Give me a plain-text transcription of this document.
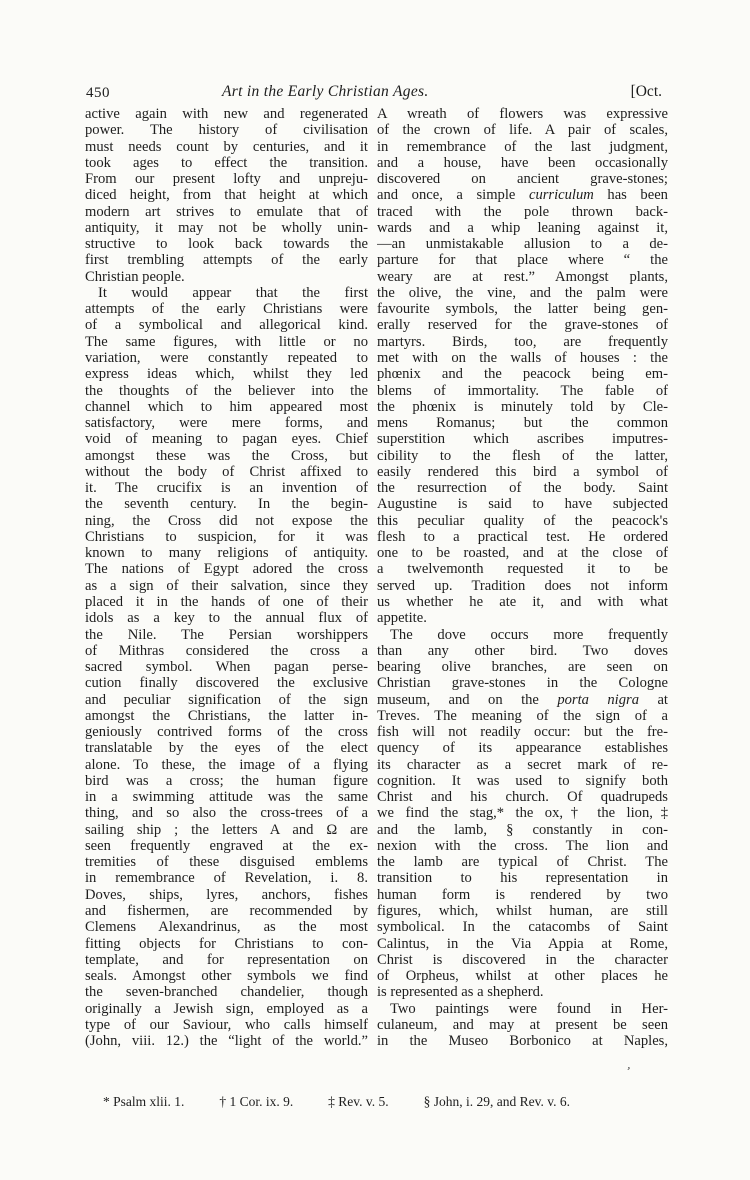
450	Art in the Early Christian Ages.	[Oct.
active again with new and regenerated
power. The history of civilisation
must needs count by centuries, and it
took ages to effect the transition.
From our present lofty and unpreju-
diced height, from that height at which
modern art strives to emulate that of
antiquity, it may not be wholly unin-
structive to look back towards the
first trembling attempts of the early
Christian people.
It would appear that the first
attempts of the early Christians were
of a symbolical and allegorical kind.
The same figures, with little or no
variation, were constantly repeated to
express ideas which, whilst they led
the thoughts of the believer into the
channel which to him appeared most
satisfactory, were mere forms, and
void of meaning to pagan eyes. Chief
amongst these was the Cross, but
without the body of Christ affixed to
it. The crucifix is an invention of
the seventh century. In the begin-
ning, the Cross did not expose the
Christians to suspicion, for it was
known to many religions of antiquity.
The nations of Egypt adored the cross
as a sign of their salvation, since they
placed it in the hands of one of their
idols as a key to the annual flux of
the Nile. The Persian worshippers
of Mithras considered the cross a
sacred symbol. When pagan perse-
cution finally discovered the exclusive
and peculiar signification of the sign
amongst the Christians, the latter in-
geniously contrived forms of the cross
translatable by the eyes of the elect
alone. To these, the image of a flying
bird was a cross; the human figure
in a swimming attitude was the same
thing, and so also the cross-trees of a
sailing ship ; the letters A and Ω are
seen frequently engraved at the ex-
tremities of these disguised emblems
in remembrance of Revelation, i. 8.
Doves, ships, lyres, anchors, fishes
and fishermen, are recommended by
Clemens Alexandrinus, as the most
fitting objects for Christians to con-
template, and for representation on
seals. Amongst other symbols we find
the seven-branched chandelier, though
originally a Jewish sign, employed as a
type of our Saviour, who calls himself
(John, viii. 12.) the “light of the world.”
A wreath of flowers was expressive
of the crown of life. A pair of scales,
in remembrance of the last judgment,
and a house, have been occasionally
discovered on ancient grave-stones;
and once, a simple curriculum has been
traced with the pole thrown back-
wards and a whip leaning against it,
—an unmistakable allusion to a de-
parture for that place where “ the
weary are at rest.” Amongst plants,
the olive, the vine, and the palm were
favourite symbols, the latter being gen-
erally reserved for the grave-stones of
martyrs. Birds, too, are frequently
met with on the walls of houses : the
phœnix and the peacock being em-
blems of immortality. The fable of
the phœnix is minutely told by Cle-
mens Romanus; but the common
superstition which ascribes imputres-
cibility to the flesh of the latter,
easily rendered this bird a symbol of
the resurrection of the body. Saint
Augustine is said to have subjected
this peculiar quality of the peacock's
flesh to a practical test. He ordered
one to be roasted, and at the close of
a twelvemonth requested it to be
served up. Tradition does not inform
us whether he ate it, and with what
appetite.
The dove occurs more frequently
than any other bird. Two doves
bearing olive branches, are seen on
Christian grave-stones in the Cologne
museum, and on the porta nigra at
Treves. The meaning of the sign of a
fish will not readily occur: but the fre-
quency of its appearance establishes
its character as a secret mark of re-
cognition. It was used to signify both
Christ and his church. Of quadrupeds
we find the stag,* the ox,† the lion,‡
and the lamb, § constantly in con-
nexion with the cross. The lion and
the lamb are typical of Christ. The
transition to his representation in
human form is rendered by two
figures, which, whilst human, are still
symbolical. In the catacombs of Saint
Calintus, in the Via Appia at Rome,
Christ is discovered in the character
of Orpheus, whilst at other places he
is represented as a shepherd.
Two paintings were found in Her-
culaneum, and may at present be seen
in the Museo Borbonico at Naples,
* Psalm xlii. 1.	† 1 Cor. ix. 9.	‡ Rev. v. 5.	§ John, i. 29, and Rev. v. 6.
’
